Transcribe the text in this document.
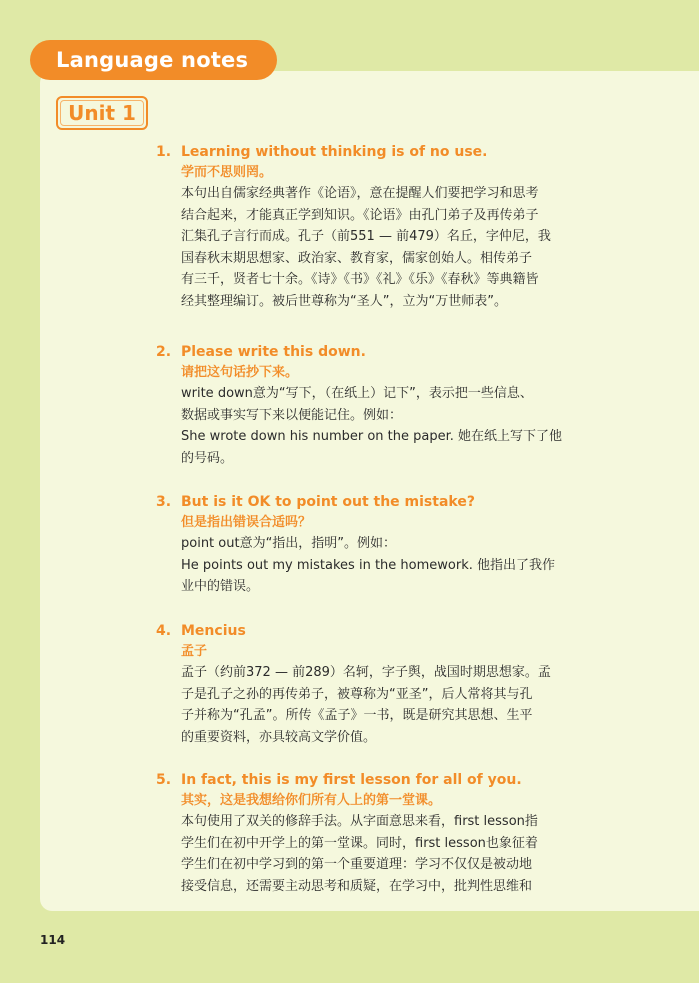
Language notes
Unit 1
1. Learning without thinking is of no use.
学而不思则罔。
本句出自儒家经典著作《论语》，意在提醒人们要把学习和思考
结合起来，才能真正学到知识。《论语》由孔门弟子及再传弟子
汇集孔子言行而成。孔子（前551 — 前479）名丘，字仲尼，我
国春秋末期思想家、政治家、教育家，儒家创始人。相传弟子
有三千，贤者七十余。《诗》《书》《礼》《乐》《春秋》等典籍皆
经其整理编订。被后世尊称为“圣人”，立为“万世师表”。
2. Please write this down.
请把这句话抄下来。
write down意为“写下，（在纸上）记下”，表示把一些信息、
数据或事实写下来以便能记住。例如：
She wrote down his number on the paper. 她在纸上写下了他
的号码。
3. But is it OK to point out the mistake?
但是指出错误合适吗？
point out意为“指出，指明”。例如：
He points out my mistakes in the homework. 他指出了我作
业中的错误。
4. Mencius
孟子
孟子（约前372 — 前289）名轲，字子舆，战国时期思想家。孟
子是孔子之孙的再传弟子，被尊称为“亚圣”，后人常将其与孔
子并称为“孔孟”。所传《孟子》一书，既是研究其思想、生平
的重要资料，亦具较高文学价值。
5. In fact, this is my first lesson for all of you.
其实，这是我想给你们所有人上的第一堂课。
本句使用了双关的修辞手法。从字面意思来看，first lesson指
学生们在初中开学上的第一堂课。同时，first lesson也象征着
学生们在初中学习到的第一个重要道理：学习不仅仅是被动地
接受信息，还需要主动思考和质疑，在学习中，批判性思维和
114
